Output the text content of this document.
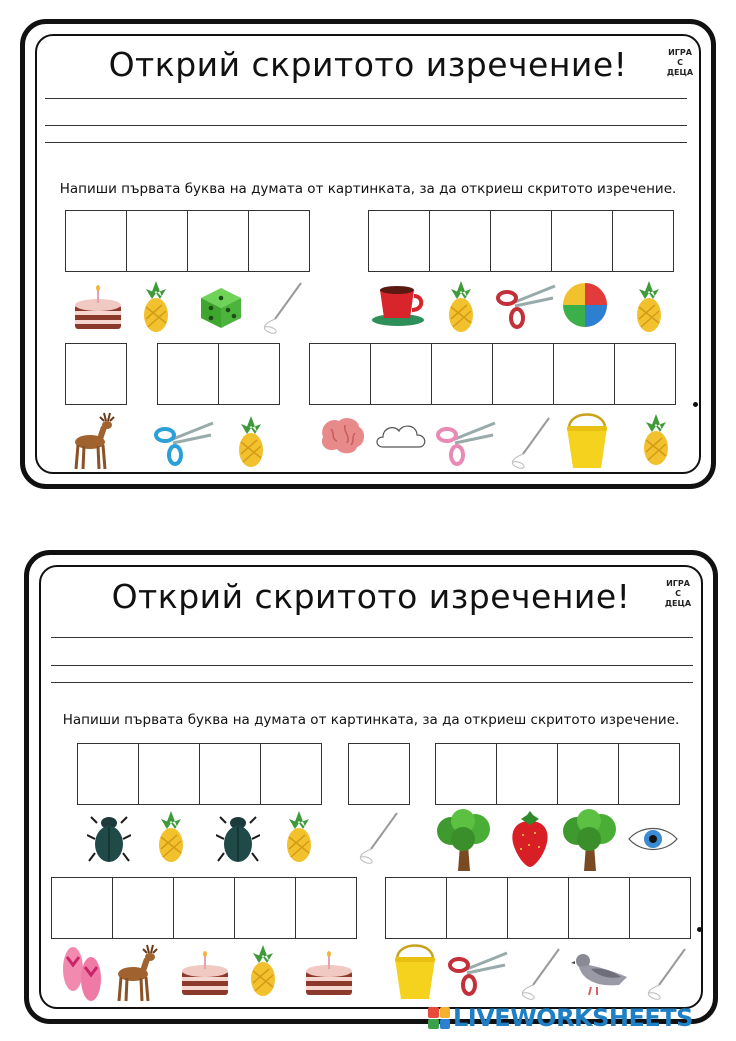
Открий скритото изречение!	ИГРА
С
ДЕЦА
Напиши първата буква на думата от картинката, за да откриеш скритото изречение.
Открий скритото изречение!	ИГРА
С
ДЕЦА
Напиши първата буква на думата от картинката, за да откриеш скритото изречение.
LIVEWORKSHEETS
